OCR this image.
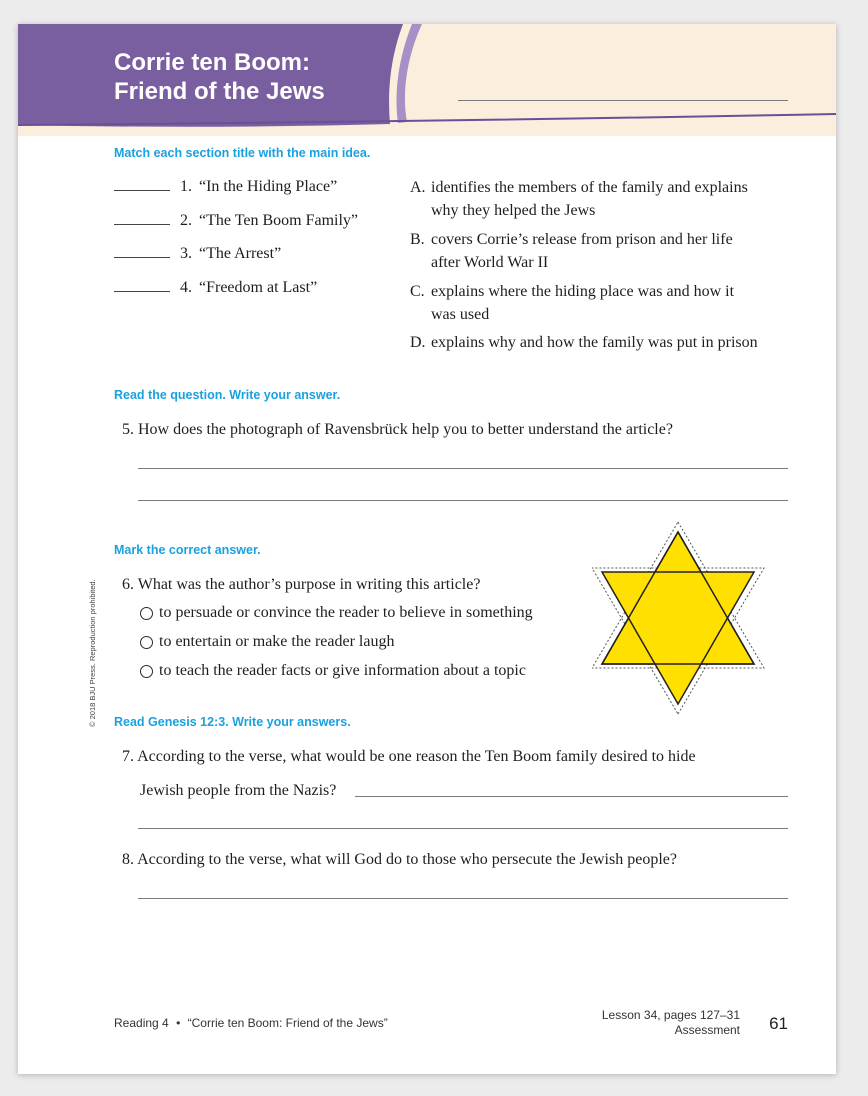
Corrie ten Boom:
Friend of the Jews

Match each section title with the main idea.

1. “In the Hiding Place”
2. “The Ten Boom Family”
3. “The Arrest”
4. “Freedom at Last”
A. identifies the members of the family and explains
why they helped the Jews
B. covers Corrie’s release from prison and her life
after World War II
C. explains where the hiding place was and how it
was used
D. explains why and how the family was put in prison

Read the question. Write your answer.

5. How does the photograph of Ravensbrück help you to better understand the article?

Mark the correct answer.

6. What was the author’s purpose in writing this article?
to persuade or convince the reader to believe in something
to entertain or make the reader laugh
to teach the reader facts or give information about a topic

Read Genesis 12:3. Write your answers.

7. According to the verse, what would be one reason the Ten Boom family desired to hide
Jewish people from the Nazis?
8. According to the verse, what will God do to those who persecute the Jewish people?
© 2018 BJU Press. Reproduction prohibited.
Reading 4 • “Corrie ten Boom: Friend of the Jews”
Lesson 34, pages 127–31
Assessment 61
